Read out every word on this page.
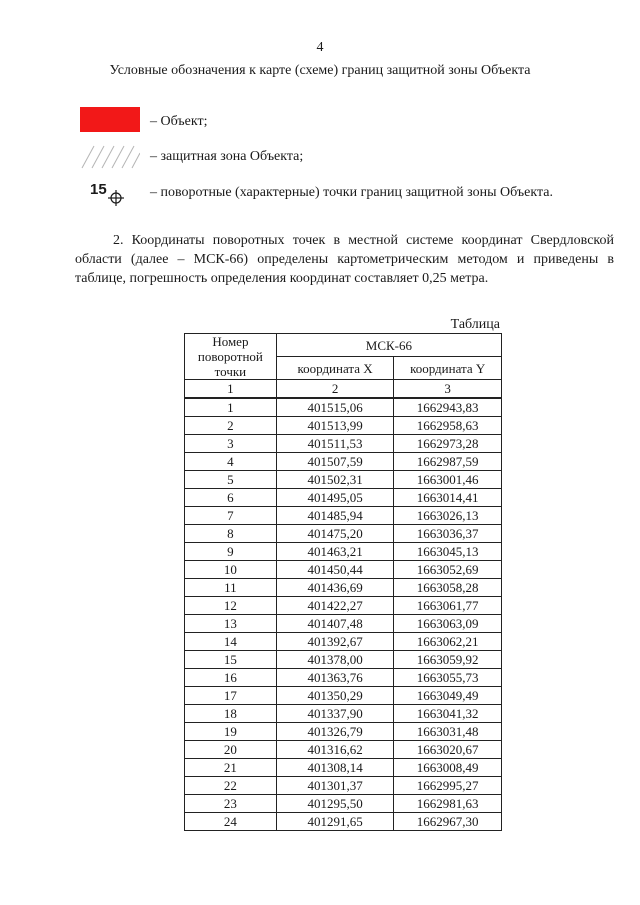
4
Условные обозначения к карте (схеме) границ защитной зоны Объекта
– Объект;
– защитная зона Объекта;
15	– поворотные (характерные) точки границ защитной зоны Объекта.
2. Координаты поворотных точек в местной системе координат Свердловской области (далее – МСК-66) определены картометрическим методом и приведены в таблице, погрешность определения координат составляет 0,25 метра.
Таблица
Номер поворотной точки	МСК-66	
	координата X	координата Y
1	2	3
1	401515,06	1662943,83
2	401513,99	1662958,63
3	401511,53	1662973,28
4	401507,59	1662987,59
5	401502,31	1663001,46
6	401495,05	1663014,41
7	401485,94	1663026,13
8	401475,20	1663036,37
9	401463,21	1663045,13
10	401450,44	1663052,69
11	401436,69	1663058,28
12	401422,27	1663061,77
13	401407,48	1663063,09
14	401392,67	1663062,21
15	401378,00	1663059,92
16	401363,76	1663055,73
17	401350,29	1663049,49
18	401337,90	1663041,32
19	401326,79	1663031,48
20	401316,62	1663020,67
21	401308,14	1663008,49
22	401301,37	1662995,27
23	401295,50	1662981,63
24	401291,65	1662967,30
